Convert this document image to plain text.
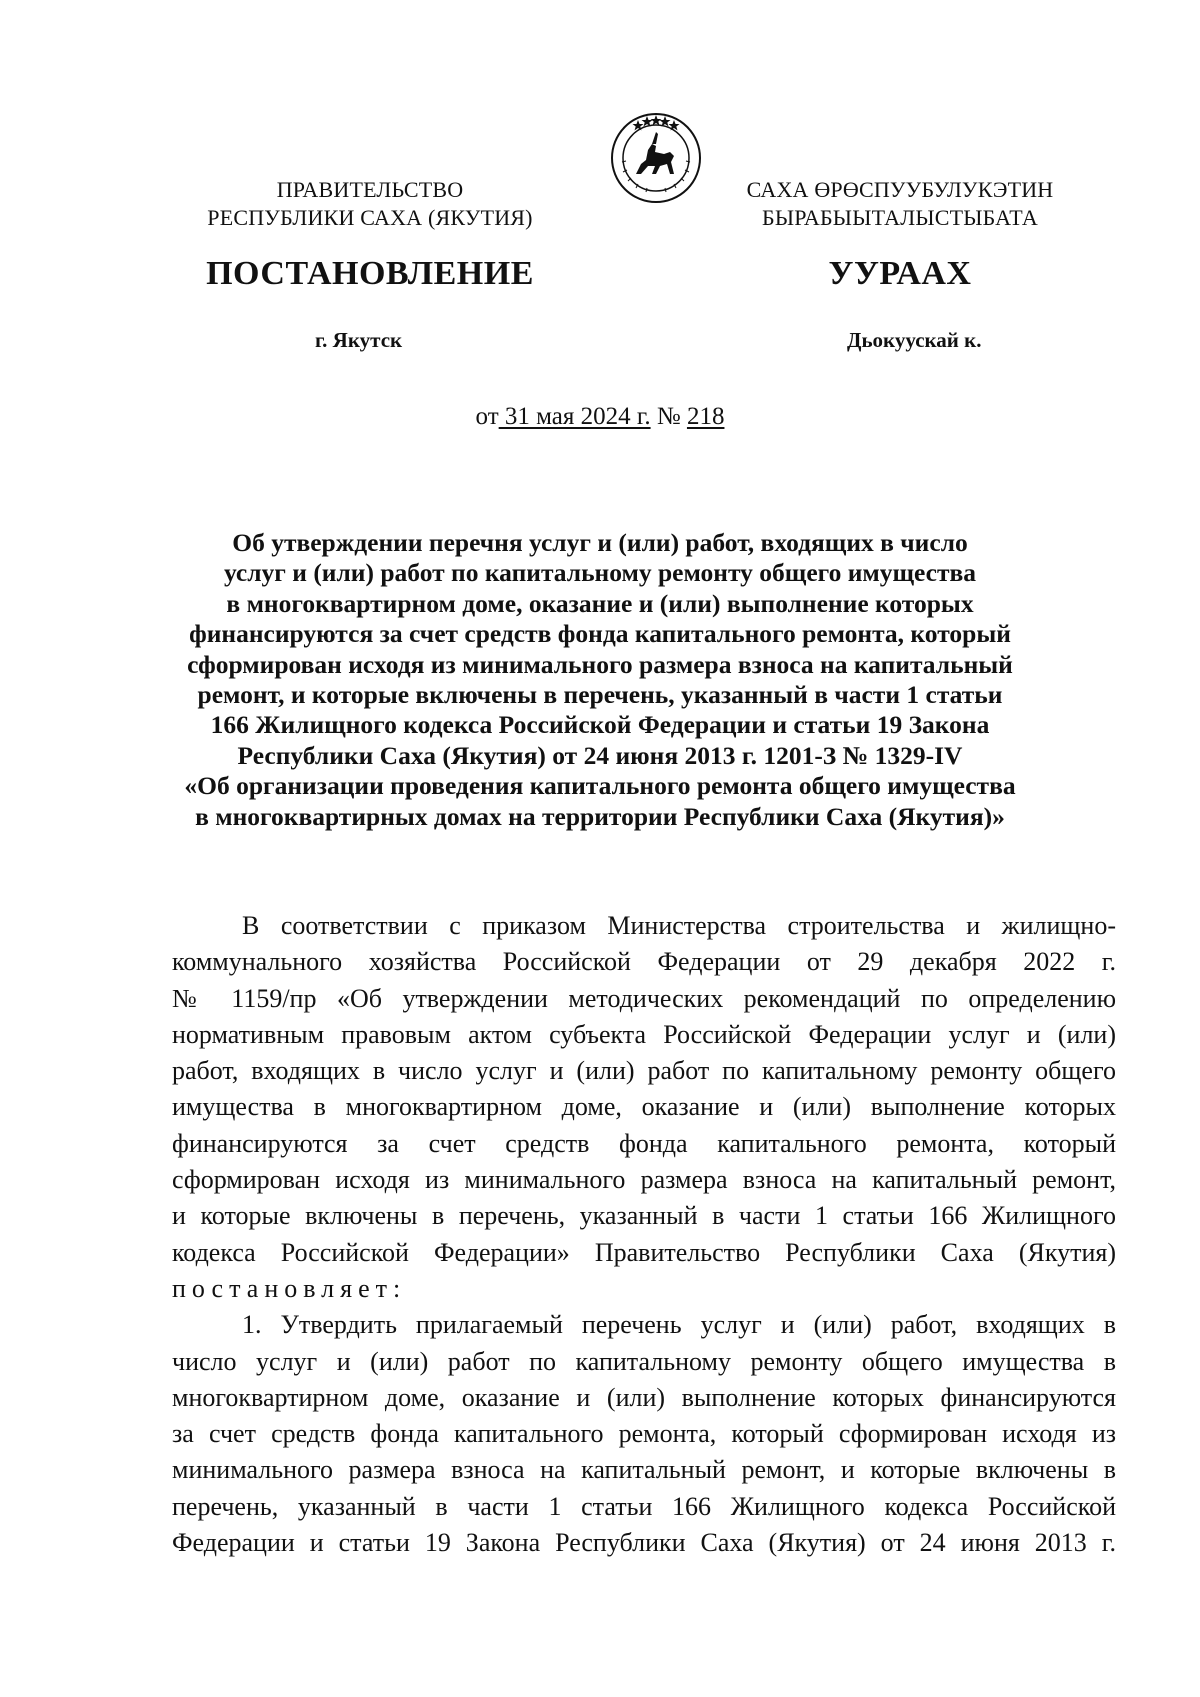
ПРАВИТЕЛЬСТВО
РЕСПУБЛИКИ САХА (ЯКУТИЯ)
САХА ӨРӨСПУУБУЛУКЭТИН
БЫРАБЫЫТАЛЫСТЫБАТА
ПОСТАНОВЛЕНИЕ	УУРААХ
г. Якутск	Дьокуускай к.
от 31 мая 2024 г. № 218
Об утверждении перечня услуг и (или) работ, входящих в число
услуг и (или) работ по капитальному ремонту общего имущества
в многоквартирном доме, оказание и (или) выполнение которых
финансируются за счет средств фонда капитального ремонта, который
сформирован исходя из минимального размера взноса на капитальный
ремонт, и которые включены в перечень, указанный в части 1 статьи
166 Жилищного кодекса Российской Федерации и статьи 19 Закона
Республики Саха (Якутия) от 24 июня 2013 г. 1201-З № 1329-IV
«Об организации проведения капитального ремонта общего имущества
в многоквартирных домах на территории Республики Саха (Якутия)»
В соответствии с приказом Министерства строительства и жилищно-
коммунального хозяйства Российской Федерации от 29 декабря 2022 г.
№ 1159/пр «Об утверждении методических рекомендаций по определению
нормативным правовым актом субъекта Российской Федерации услуг и (или)
работ, входящих в число услуг и (или) работ по капитальному ремонту общего
имущества в многоквартирном доме, оказание и (или) выполнение которых
финансируются за счет средств фонда капитального ремонта, который
сформирован исходя из минимального размера взноса на капитальный ремонт,
и которые включены в перечень, указанный в части 1 статьи 166 Жилищного
кодекса Российской Федерации» Правительство Республики Саха (Якутия)
постановляет:
1. Утвердить прилагаемый перечень услуг и (или) работ, входящих в
число услуг и (или) работ по капитальному ремонту общего имущества в
многоквартирном доме, оказание и (или) выполнение которых финансируются
за счет средств фонда капитального ремонта, который сформирован исходя из
минимального размера взноса на капитальный ремонт, и которые включены в
перечень, указанный в части 1 статьи 166 Жилищного кодекса Российской
Федерации и статьи 19 Закона Республики Саха (Якутия) от 24 июня 2013 г.
